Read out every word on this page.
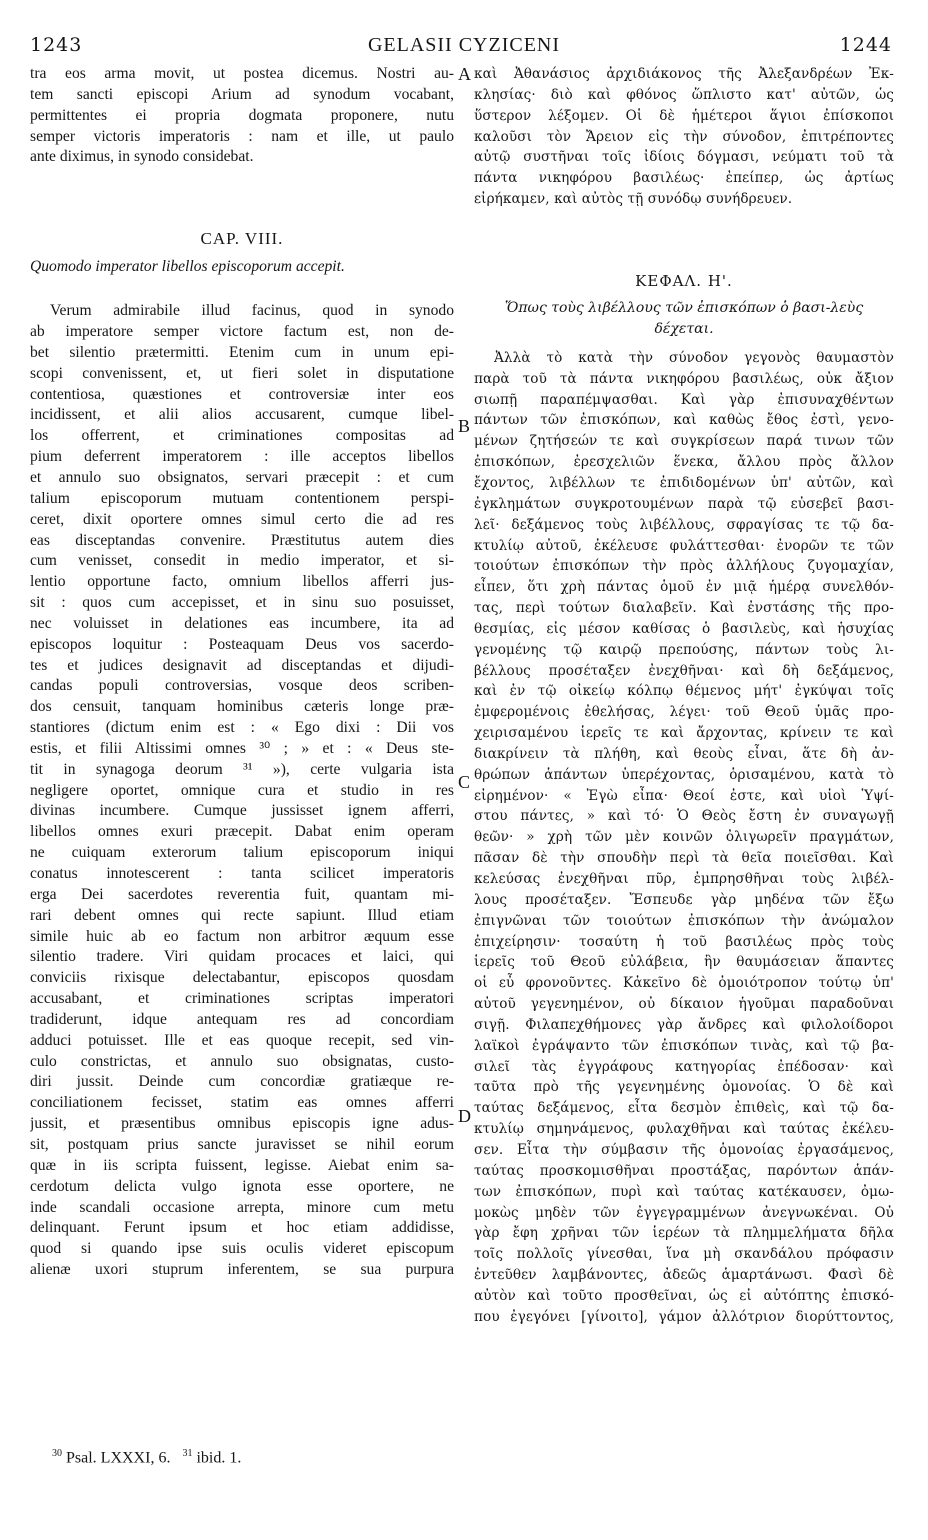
1243	GELASII CYZICENI	1244
A
B
C
D
tra eos arma movit, ut postea dicemus. Nostri au-
tem sancti episcopi Arium ad synodum vocabant,
permittentes ei propria dogmata proponere, nutu
semper victoris imperatoris : nam et ille, ut paulo
ante diximus, in synodo considebat.
CAP. VIII.
Quomodo imperator libellos episcoporum accepit.
Verum admirabile illud facinus, quod in synodo
ab imperatore semper victore factum est, non de-
bet silentio prætermitti. Etenim cum in unum epi-
scopi convenissent, et, ut fieri solet in disputatione
contentiosa, quæstiones et controversiæ inter eos
incidissent, et alii alios accusarent, cumque libel-
los offerrent, et criminationes compositas ad
pium deferrent imperatorem : ille acceptos libellos
et annulo suo obsignatos, servari præcepit : et cum
talium episcoporum mutuam contentionem perspi-
ceret, dixit oportere omnes simul certo die ad res
eas disceptandas convenire. Præstitutus autem dies
cum venisset, consedit in medio imperator, et si-
lentio opportune facto, omnium libellos afferri jus-
sit : quos cum accepisset, et in sinu suo posuisset,
nec voluisset in delationes eas incumbere, ita ad
episcopos loquitur : Posteaquam Deus vos sacerdo-
tes et judices designavit ad disceptandas et dijudi-
candas populi controversias, vosque deos scriben-
dos censuit, tanquam hominibus cæteris longe præ-
stantiores (dictum enim est : « Ego dixi : Dii vos
estis, et filii Altissimi omnes ³⁰ ; » et : « Deus ste-
tit in synagoga deorum ³¹ »), certe vulgaria ista
negligere oportet, omnique cura et studio in res
divinas incumbere. Cumque jussisset ignem afferri,
libellos omnes exuri præcepit. Dabat enim operam
ne cuiquam exterorum talium episcoporum iniqui
conatus innotescerent : tanta scilicet imperatoris
erga Dei sacerdotes reverentia fuit, quantam mi-
rari debent omnes qui recte sapiunt. Illud etiam
simile huic ab eo factum non arbitror æquum esse
silentio tradere. Viri quidam procaces et laici, qui
conviciis rixisque delectabantur, episcopos quosdam
accusabant, et criminationes scriptas imperatori
tradiderunt, idque antequam res ad concordiam
adduci potuisset. Ille et eas quoque recepit, sed vin-
culo constrictas, et annulo suo obsignatas, custo-
diri jussit. Deinde cum concordiæ gratiæque re-
conciliationem fecisset, statim eas omnes afferri
jussit, et præsentibus omnibus episcopis igne adus-
sit, postquam prius sancte juravisset se nihil eorum
quæ in iis scripta fuissent, legisse. Aiebat enim sa-
cerdotum delicta vulgo ignota esse oportere, ne
inde scandali occasione arrepta, minore cum metu
delinquant. Ferunt ipsum et hoc etiam addidisse,
quod si quando ipse suis oculis videret episcopum
alienæ uxori stuprum inferentem, se sua purpura
καὶ Ἀθανάσιος ἀρχιδιάκονος τῆς Ἀλεξανδρέων Ἐκ-
κλησίας· διὸ καὶ φθόνος ὥπλιστο κατ' αὐτῶν, ὡς
ὕστερον λέξομεν. Οἱ δὲ ἡμέτεροι ἅγιοι ἐπίσκοποι
καλοῦσι τὸν Ἄρειον εἰς τὴν σύνοδον, ἐπιτρέποντες
αὐτῷ συστῆναι τοῖς ἰδίοις δόγμασι, νεύματι τοῦ τὰ
πάντα νικηφόρου βασιλέως· ἐπείπερ, ὡς ἀρτίως
εἰρήκαμεν, καὶ αὐτὸς τῇ συνόδῳ συνήδρευεν.
ΚΕΦΑΛ. Η'.
Ὅπως τοὺς λιβέλλους τῶν ἐπισκόπων ὁ βασι-λεὺς δέχεται.
Ἀλλὰ τὸ κατὰ τὴν σύνοδον γεγονὸς θαυμαστὸν
παρὰ τοῦ τὰ πάντα νικηφόρου βασιλέως, οὐκ ἄξιον
σιωπῇ παραπέμψασθαι. Καὶ γὰρ ἐπισυναχθέντων
πάντων τῶν ἐπισκόπων, καὶ καθὼς ἔθος ἐστὶ, γενο-
μένων ζητήσεών τε καὶ συγκρίσεων παρά τινων τῶν
ἐπισκόπων, ἐρεσχελιῶν ἕνεκα, ἄλλου πρὸς ἄλλον
ἔχοντος, λιβέλλων τε ἐπιδιδομένων ὑπ' αὐτῶν, καὶ
ἐγκλημάτων συγκροτουμένων παρὰ τῷ εὐσεβεῖ βασι-
λεῖ· δεξάμενος τοὺς λιβέλλους, σφραγίσας τε τῷ δα-
κτυλίῳ αὐτοῦ, ἐκέλευσε φυλάττεσθαι· ἐνορῶν τε τῶν
τοιούτων ἐπισκόπων τὴν πρὸς ἀλλήλους ζυγομαχίαν,
εἶπεν, ὅτι χρὴ πάντας ὁμοῦ ἐν μιᾷ ἡμέρᾳ συνελθόν-
τας, περὶ τούτων διαλαβεῖν. Καὶ ἐνστάσης τῆς προ-
θεσμίας, εἰς μέσον καθίσας ὁ βασιλεὺς, καὶ ἡσυχίας
γενομένης τῷ καιρῷ πρεπούσης, πάντων τοὺς λι-
βέλλους προσέταξεν ἐνεχθῆναι· καὶ δὴ δεξάμενος,
καὶ ἐν τῷ οἰκείῳ κόλπῳ θέμενος μήτ' ἐγκύψαι τοῖς
ἐμφερομένοις ἐθελήσας, λέγει· τοῦ Θεοῦ ὑμᾶς προ-
χειρισαμένου ἱερεῖς τε καὶ ἄρχοντας, κρίνειν τε καὶ
διακρίνειν τὰ πλήθη, καὶ θεοὺς εἶναι, ἅτε δὴ ἀν-
θρώπων ἁπάντων ὑπερέχοντας, ὁρισαμένου, κατὰ τὸ
εἰρημένον· « Ἐγὼ εἶπα· Θεοί ἐστε, καὶ υἱοὶ Ὑψί-
στου πάντες, » καὶ τό· Ὁ Θεὸς ἔστη ἐν συναγωγῇ
θεῶν· » χρὴ τῶν μὲν κοινῶν ὀλιγωρεῖν πραγμάτων,
πᾶσαν δὲ τὴν σπουδὴν περὶ τὰ θεῖα ποιεῖσθαι. Καὶ
κελεύσας ἐνεχθῆναι πῦρ, ἐμπρησθῆναι τοὺς λιβέλ-
λους προσέταξεν. Ἔσπευδε γὰρ μηδένα τῶν ἔξω
ἐπιγνῶναι τῶν τοιούτων ἐπισκόπων τὴν ἀνώμαλον
ἐπιχείρησιν· τοσαύτη ἡ τοῦ βασιλέως πρὸς τοὺς
ἱερεῖς τοῦ Θεοῦ εὐλάβεια, ἣν θαυμάσειαν ἅπαντες
οἱ εὖ φρονοῦντες. Κἀκεῖνο δὲ ὁμοιότροπον τούτῳ ὑπ'
αὐτοῦ γεγενημένον, οὐ δίκαιον ἡγοῦμαι παραδοῦναι
σιγῇ. Φιλαπεχθήμονες γὰρ ἄνδρες καὶ φιλολοίδοροι
λαϊκοὶ ἐγράψαντο τῶν ἐπισκόπων τινὰς, καὶ τῷ βα-
σιλεῖ τὰς ἐγγράφους κατηγορίας ἐπέδοσαν· καὶ
ταῦτα πρὸ τῆς γεγενημένης ὁμονοίας. Ὁ δὲ καὶ
ταύτας δεξάμενος, εἶτα δεσμὸν ἐπιθεὶς, καὶ τῷ δα-
κτυλίῳ σημηνάμενος, φυλαχθῆναι καὶ ταύτας ἐκέλευ-
σεν. Εἶτα τὴν σύμβασιν τῆς ὁμονοίας ἐργασάμενος,
ταύτας προσκομισθῆναι προστάξας, παρόντων ἁπάν-
των ἐπισκόπων, πυρὶ καὶ ταύτας κατέκαυσεν, ὀμω-
μοκὼς μηδὲν τῶν ἐγγεγραμμένων ἀνεγνωκέναι. Οὐ
γὰρ ἔφη χρῆναι τῶν ἱερέων τὰ πλημμελήματα δῆλα
τοῖς πολλοῖς γίνεσθαι, ἵνα μὴ σκανδάλου πρόφασιν
ἐντεῦθεν λαμβάνοντες, ἀδεῶς ἁμαρτάνωσι. Φασὶ δὲ
αὐτὸν καὶ τοῦτο προσθεῖναι, ὡς εἰ αὐτόπτης ἐπισκό-
που ἐγεγόνει [γίνοιτο], γάμον ἀλλότριον διορύττοντος,
$^{30}$ Psal. LXXXI, 6. $^{31}$ ibid. 1.
